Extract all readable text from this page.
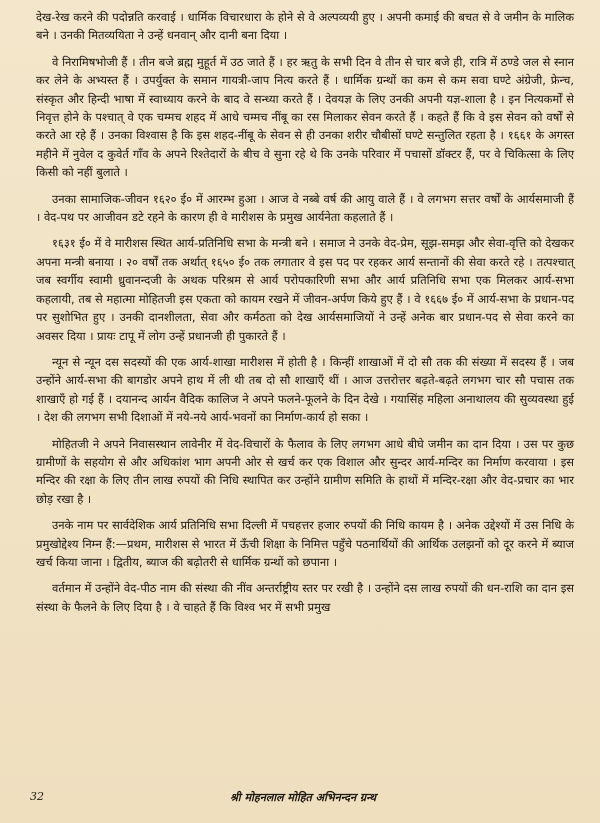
देख-रेख करने की पदोन्नति करवाई । धार्मिक विचारधारा के होने से वे अल्पव्ययी हुए । अपनी कमाई की बचत से वे जमीन के मालिक बने । उनकी मितव्ययिता ने उन्हें धनवान् और दानी बना दिया ।

वे निरामिषभोजी हैं । तीन बजे ब्रह्म मुहूर्त में उठ जाते हैं । हर ऋतु के सभी दिन वे तीन से चार बजे ही, रात्रि में ठण्डे जल से स्नान कर लेने के अभ्यस्त हैं । उपर्युक्त के समान गायत्री-जाप नित्य करते हैं । धार्मिक ग्रन्थों का कम से कम सवा घण्टे अंग्रेजी, फ्रेन्च, संस्कृत और हिन्दी भाषा में स्वाध्याय करने के बाद वे सन्ध्या करते हैं । देवयज्ञ के लिए उनकी अपनी यज्ञ-शाला है । इन नित्यकर्मों से निवृत्त होने के पश्चात् वे एक चम्मच शहद में आधे चम्मच नींबू का रस मिलाकर सेवन करते हैं । कहते हैं कि वे इस सेवन को वर्षों से करते आ रहे हैं । उनका विश्वास है कि इस शहद-नींबू के सेवन से ही उनका शरीर चौबीसों घण्टे सन्तुलित रहता है । १६६१ के अगस्त महीने में नुवेल द कुवेर्त गाँव के अपने रिश्तेदारों के बीच वे सुना रहे थे कि उनके परिवार में पचासों डॉक्टर हैं, पर वे चिकित्सा के लिए किसी को नहीं बुलाते ।

उनका सामाजिक-जीवन १६२० ई० में आरम्भ हुआ । आज वे नब्बे वर्ष की आयु वाले हैं । वे लगभग सत्तर वर्षों के आर्यसमाजी हैं । वेद-पथ पर आजीवन डटे रहने के कारण ही वे मारीशस के प्रमुख आर्यनेता कहलाते हैं ।

१६३१ ई० में वे मारीशस स्थित आर्य-प्रतिनिधि सभा के मन्त्री बने । समाज ने उनके वेद-प्रेम, सूझ-समझ और सेवा-वृत्ति को देखकर अपना मन्त्री बनाया । २० वर्षों तक अर्थात् १६५० ई० तक लगातार वे इस पद पर रहकर आर्य सन्तानों की सेवा करते रहे । तत्पश्चात् जब स्वर्गीय स्वामी ध्रुवानन्दजी के अथक परिश्रम से आर्य परोपकारिणी सभा और आर्य प्रतिनिधि सभा एक मिलकर आर्य-सभा कहलायी, तब से महात्मा मोहितजी इस एकता को कायम रखने में जीवन-अर्पण किये हुए हैं । वे १६६७ ई० में आर्य-सभा के प्रधान-पद पर सुशोभित हुए । उनकी दानशीलता, सेवा और कर्मठता को देख आर्यसमाजियों ने उन्हें अनेक बार प्रधान-पद से सेवा करने का अवसर दिया । प्रायः टापू में लोग उन्हें प्रधानजी ही पुकारते हैं ।

न्यून से न्यून दस सदस्यों की एक आर्य-शाखा मारीशस में होती है । किन्हीं शाखाओं में दो सौ तक की संख्या में सदस्य हैं । जब उन्होंने आर्य-सभा की बागडोर अपने हाथ में ली थी तब दो सौ शाखाएँ थीं । आज उत्तरोत्तर बढ़ते-बढ़ते लगभग चार सौ पचास तक शाखाएँ हो गई हैं । दयानन्द आर्यन वैदिक कालिज ने अपने फलने-फूलने के दिन देखे । गयासिंह महिला अनाथालय की सुव्यवस्था हुई । देश की लगभग सभी दिशाओं में नये-नये आर्य-भवनों का निर्माण-कार्य हो सका ।

मोहितजी ने अपने निवासस्थान लावेनीर में वेद-विचारों के फैलाव के लिए लगभग आधे बीघे जमीन का दान दिया । उस पर कुछ ग्रामीणों के सहयोग से और अधिकांश भाग अपनी ओर से खर्च कर एक विशाल और सुन्दर आर्य-मन्दिर का निर्माण करवाया । इस मन्दिर की रक्षा के लिए तीन लाख रुपयों की निधि स्थापित कर उन्होंने ग्रामीण समिति के हाथों में मन्दिर-रक्षा और वेद-प्रचार का भार छोड़ रखा है ।

उनके नाम पर सार्वदेशिक आर्य प्रतिनिधि सभा दिल्ली में पचहत्तर हजार रुपयों की निधि कायम है । अनेक उद्देश्यों में उस निधि के प्रमुखोद्देश्य निम्न हैं:—प्रथम, मारीशस से भारत में ऊँची शिक्षा के निमित्त पहुँचे पठनार्थियों की आर्थिक उलझनों को दूर करने में ब्याज खर्च किया जाना । द्वितीय, ब्याज की बढ़ोतरी से धार्मिक ग्रन्थों को छपाना ।

वर्तमान में उन्होंने वेद-पीठ नाम की संस्था की नींव अन्तर्राष्ट्रीय स्तर पर रखी है । उन्होंने दस लाख रुपयों की धन-राशि का दान इस संस्था के फैलने के लिए दिया है । वे चाहते हैं कि विश्व भर में सभी प्रमुख

32	श्री मोहनलाल मोहित अभिनन्दन ग्रन्थ
